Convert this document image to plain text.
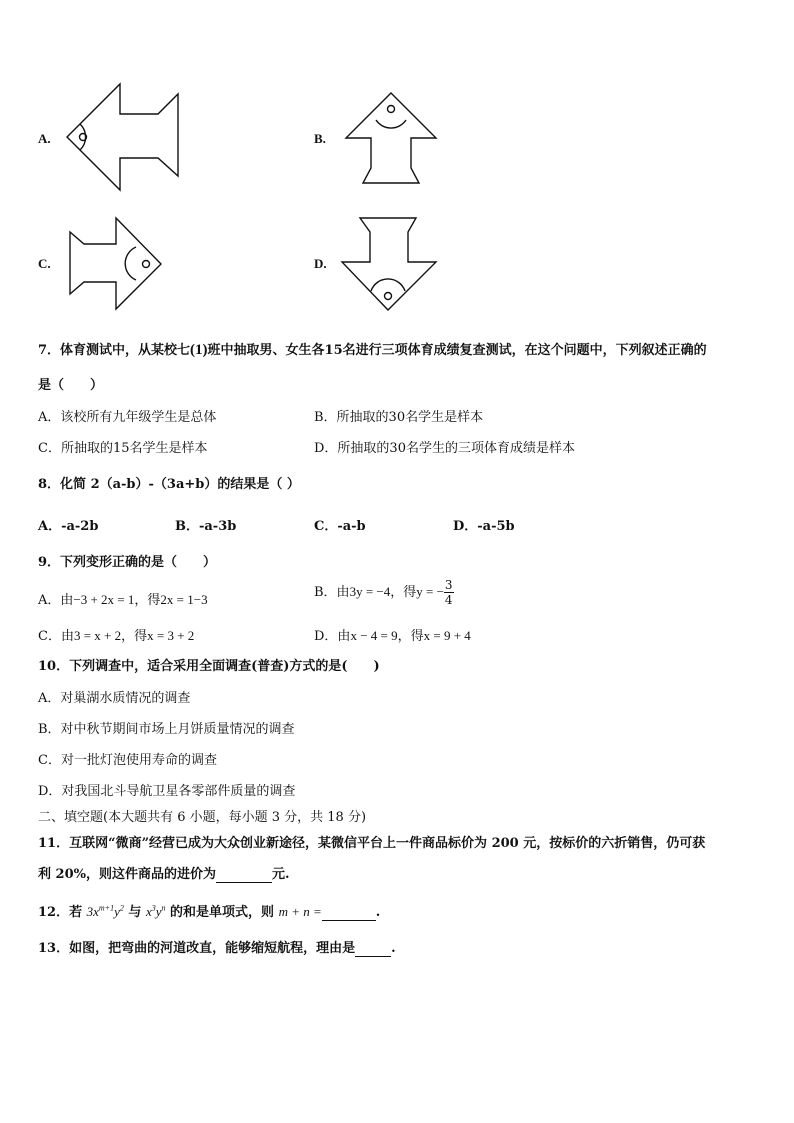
A.	B.
C.	D.
7．体育测试中，从某校七(1)班中抽取男、女生各15名进行三项体育成绩复查测试，在这个问题中，下列叙述正确的
是（　　）
A．该校所有九年级学生是总体	B．所抽取的30名学生是样本
C．所抽取的15名学生是样本	D．所抽取的30名学生的三项体育成绩是样本
8．化简 2（a-b）-（3a+b）的结果是（ ）
A．-a-2b	B．-a-3b	C．-a-b	D．-a-5b
9．下列变形正确的是（　　）
A．由−3 + 2x = 1，得2x = 1−3	B．由3y = −4，得y = − $\frac{3}{4}$
C．由3 = x + 2，得x = 3 + 2	D．由x − 4 = 9，得x = 9 + 4
10．下列调查中，适合采用全面调查(普查)方式的是(　　)
A．对巢湖水质情况的调查
B．对中秋节期间市场上月饼质量情况的调查
C．对一批灯泡使用寿命的调查
D．对我国北斗导航卫星各零部件质量的调查
二、填空题(本大题共有 6 小题，每小题 3 分，共 18 分)
11．互联网“微商”经营已成为大众创业新途径，某微信平台上一件商品标价为 200 元，按标价的六折销售，仍可获
利 20%，则这件商品的进价为	元.
12．若 $3x^{m+1}y^2$ 与 $x^3y^n$ 的和是单项式，则 m + n =	.
13．如图，把弯曲的河道改直，能够缩短航程，理由是	.
